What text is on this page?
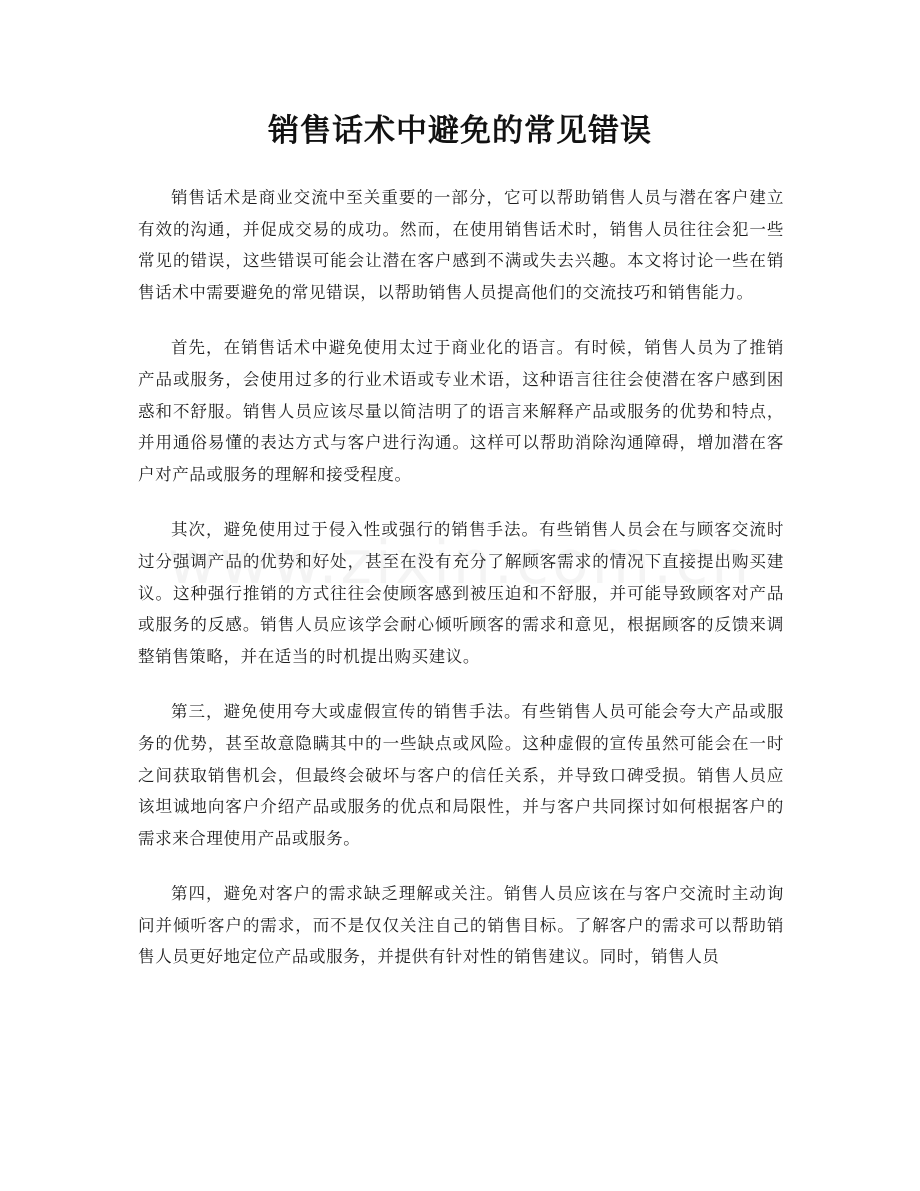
销售话术中避免的常见错误

销售话术是商业交流中至关重要的一部分，它可以帮助销售人员与潜在客户建立有效的沟通，并促成交易的成功。然而，在使用销售话术时，销售人员往往会犯一些常见的错误，这些错误可能会让潜在客户感到不满或失去兴趣。本文将讨论一些在销售话术中需要避免的常见错误，以帮助销售人员提高他们的交流技巧和销售能力。

首先，在销售话术中避免使用太过于商业化的语言。有时候，销售人员为了推销产品或服务，会使用过多的行业术语或专业术语，这种语言往往会使潜在客户感到困惑和不舒服。销售人员应该尽量以简洁明了的语言来解释产品或服务的优势和特点，并用通俗易懂的表达方式与客户进行沟通。这样可以帮助消除沟通障碍，增加潜在客户对产品或服务的理解和接受程度。

其次，避免使用过于侵入性或强行的销售手法。有些销售人员会在与顾客交流时过分强调产品的优势和好处，甚至在没有充分了解顾客需求的情况下直接提出购买建议。这种强行推销的方式往往会使顾客感到被压迫和不舒服，并可能导致顾客对产品或服务的反感。销售人员应该学会耐心倾听顾客的需求和意见，根据顾客的反馈来调整销售策略，并在适当的时机提出购买建议。

第三，避免使用夸大或虚假宣传的销售手法。有些销售人员可能会夸大产品或服务的优势，甚至故意隐瞒其中的一些缺点或风险。这种虚假的宣传虽然可能会在一时之间获取销售机会，但最终会破坏与客户的信任关系，并导致口碑受损。销售人员应该坦诚地向客户介绍产品或服务的优点和局限性，并与客户共同探讨如何根据客户的需求来合理使用产品或服务。

第四，避免对客户的需求缺乏理解或关注。销售人员应该在与客户交流时主动询问并倾听客户的需求，而不是仅仅关注自己的销售目标。了解客户的需求可以帮助销售人员更好地定位产品或服务，并提供有针对性的销售建议。同时，销售人员
